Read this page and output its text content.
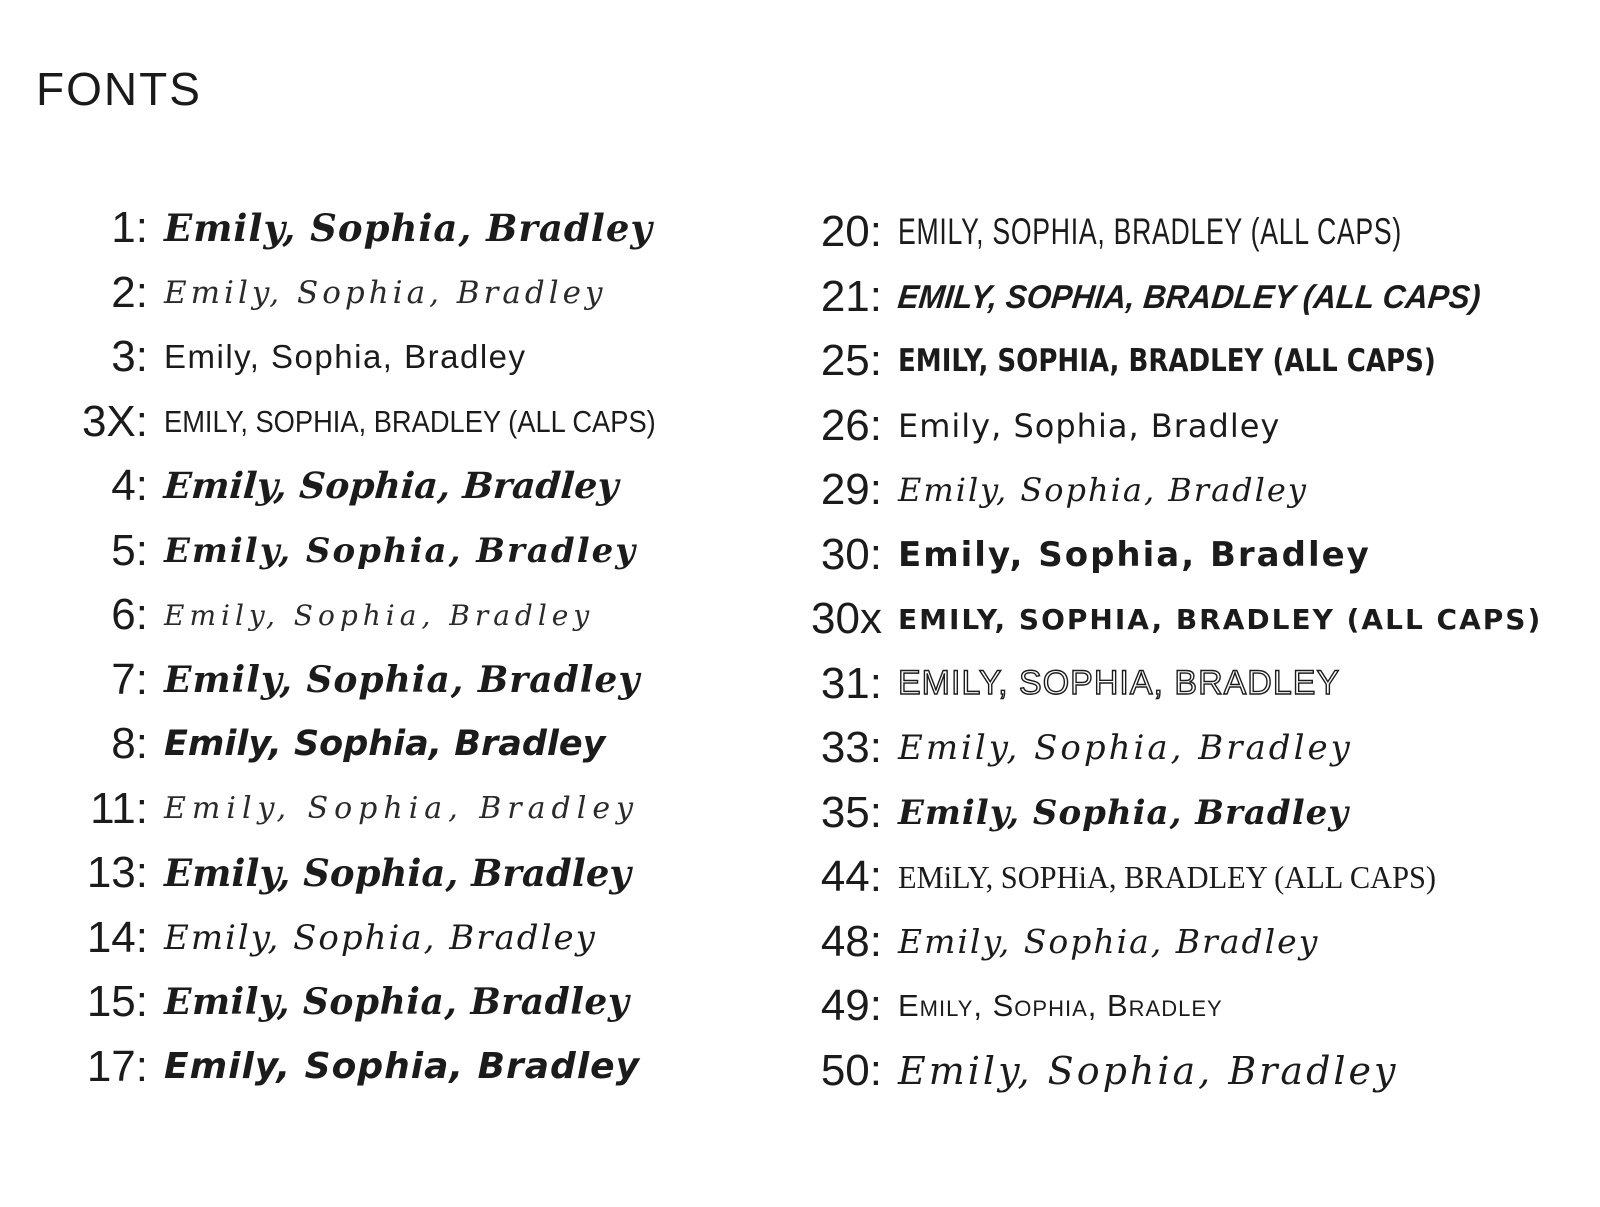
FONTS
1: Emily, Sophia, Bradley
2: Emily, Sophia, Bradley
3: Emily, Sophia, Bradley
3X: EMILY, SOPHIA, BRADLEY (ALL CAPS)
4: Emily, Sophia, Bradley
5: Emily, Sophia, Bradley
6: Emily, Sophia, Bradley
7: Emily, Sophia, Bradley
8: Emily, Sophia, Bradley
11: Emily, Sophia, Bradley
13: Emily, Sophia, Bradley
14: Emily, Sophia, Bradley
15: Emily, Sophia, Bradley
17: Emily, Sophia, Bradley
20: EMILY, SOPHIA, BRADLEY (ALL CAPS)
21: EMILY, SOPHIA, BRADLEY (ALL CAPS)
25: EMILY, SOPHIA, BRADLEY (ALL CAPS)
26: Emily, Sophia, Bradley
29: Emily, Sophia, Bradley
30: Emily, Sophia, Bradley
30x EMILY, SOPHIA, BRADLEY (ALL CAPS)
31: EMILY, SOPHIA, BRADLEY
33: Emily, Sophia, Bradley
35: Emily, Sophia, Bradley
44: EMiLY, SOPHiA, BRADLEY (ALL CAPS)
48: Emily, Sophia, Bradley
49: Emily, Sophia, Bradley
50: Emily, Sophia, Bradley
